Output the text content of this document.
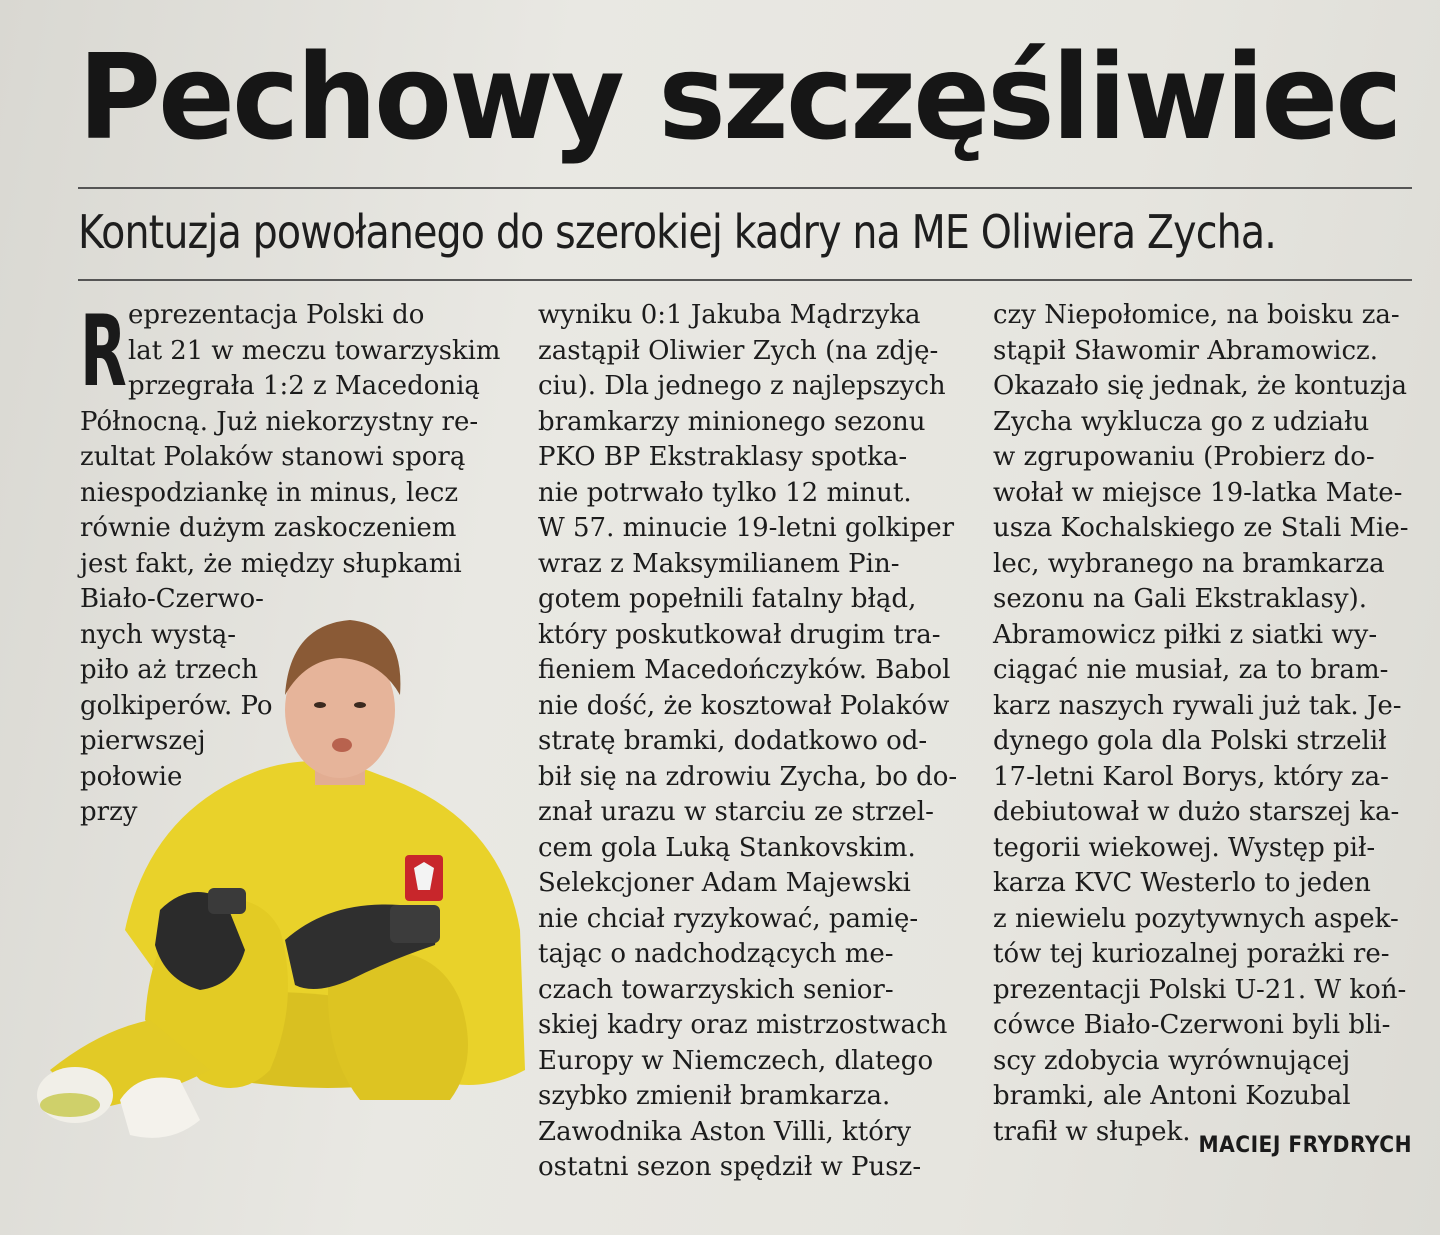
Pechowy szczęśliwiec
Kontuzja powołanego do szerokiej kadry na ME Oliwiera Zycha.
R eprezentacja Polski do
lat 21 w meczu towarzyskim
przegrała 1:2 z Macedonią
Północną. Już niekorzystny re-
zultat Polaków stanowi sporą
niespodziankę in minus, lecz
równie dużym zaskoczeniem
jest fakt, że między słupkami
Biało-Czerwo-
nych wystą-
piło aż trzech
golkiperów. Po
pierwszej
połowie
przy
wyniku 0:1 Jakuba Mądrzyka
zastąpił Oliwier Zych (na zdję-
ciu). Dla jednego z najlepszych
bramkarzy minionego sezonu
PKO BP Ekstraklasy spotka-
nie potrwało tylko 12 minut.
W 57. minucie 19-letni golkiper
wraz z Maksymilianem Pin-
gotem popełnili fatalny błąd,
który poskutkował drugim tra-
fieniem Macedończyków. Babol
nie dość, że kosztował Polaków
stratę bramki, dodatkowo od-
bił się na zdrowiu Zycha, bo do-
znał urazu w starciu ze strzel-
cem gola Luką Stankovskim.
Selekcjoner Adam Majewski
nie chciał ryzykować, pamię-
tając o nadchodzących me-
czach towarzyskich senior-
skiej kadry oraz mistrzostwach
Europy w Niemczech, dlatego
szybko zmienił bramkarza.
Zawodnika Aston Villi, który
ostatni sezon spędził w Pusz-
czy Niepołomice, na boisku za-
stąpił Sławomir Abramowicz.
Okazało się jednak, że kontuzja
Zycha wyklucza go z udziału
w zgrupowaniu (Probierz do-
wołał w miejsce 19-latka Mate-
usza Kochalskiego ze Stali Mie-
lec, wybranego na bramkarza
sezonu na Gali Ekstraklasy).
Abramowicz piłki z siatki wy-
ciągać nie musiał, za to bram-
karz naszych rywali już tak. Je-
dynego gola dla Polski strzelił
17-letni Karol Borys, który za-
debiutował w dużo starszej ka-
tegorii wiekowej. Występ pił-
karza KVC Westerlo to jeden
z niewielu pozytywnych aspek-
tów tej kuriozalnej porażki re-
prezentacji Polski U-21. W koń-
cówce Biało-Czerwoni byli bli-
scy zdobycia wyrównującej
bramki, ale Antoni Kozubal
trafił w słupek. MACIEJ FRYDRYCH
